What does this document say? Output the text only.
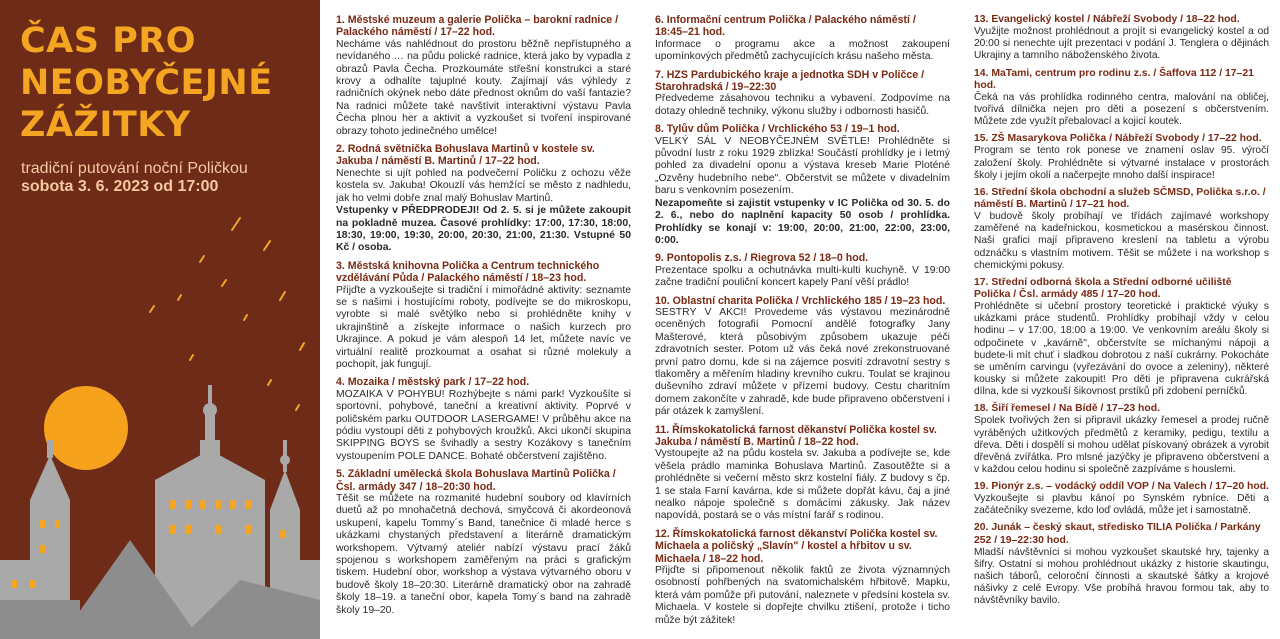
ČAS PRO
NEOBYČEJNÉ
ZÁŽITKY
tradiční putování noční Poličkou
sobota 3. 6. 2023 od 17:00
1. Městské muzeum a galerie Polička – barokní radnice / Palackého náměstí / 17–22 hod.
Necháme vás nahlédnout do prostoru běžně nepřístupného a nevídaného … na půdu polické radnice, která jako by vypadla z obrazů Pavla Čecha. Prozkoumáte střešní konstrukci a staré krovy a odhalíte tajuplné kouty. Zajímají vás výhledy z radničních okýnek nebo dáte přednost oknům do vaší fantazie? Na radnici můžete také navštívit interaktivní výstavu Pavla Čecha plnou her a aktivit a vyzkoušet si tvoření inspirované obrazy tohoto jedinečného umělce!
2. Rodná světnička Bohuslava Martinů v kostele sv. Jakuba / náměstí B. Martinů / 17–22 hod.
Nenechte si ujít pohled na podvečerní Poličku z ochozu věže kostela sv. Jakuba! Okouzlí vás hemžící se město z nadhledu, jak ho velmi dobře znal malý Bohuslav Martinů.
Vstupenky v PŘEDPRODEJI! Od 2. 5. si je můžete zakoupit na pokladně muzea. Časové prohlídky: 17:00, 17:30, 18:00, 18:30, 19:00, 19:30, 20:00, 20:30, 21:00, 21:30. Vstupné 50 Kč / osoba.
3. Městská knihovna Polička a Centrum technického vzdělávání Půda / Palackého náměstí / 18–23 hod.
Přijďte a vyzkoušejte si tradiční i mimořádné aktivity: seznamte se s našimi i hostujícími roboty, podívejte se do mikroskopu, vyrobte si malé světýlko nebo si prohlédněte knihy v ukrajinštině a získejte informace o našich kurzech pro Ukrajince. A pokud je vám alespoň 14 let, můžete navíc ve virtuální realitě prozkoumat a osahat si různé molekuly a pochopit, jak fungují.
4. Mozaika / městský park / 17–22 hod.
MOZAIKA V POHYBU! Rozhýbejte s námi park! Vyzkoušíte si sportovní, pohybové, taneční a kreativní aktivity. Poprvé v poličském parku OUTDOOR LASERGAME! V průběhu akce na pódiu vystoupí děti z pohybových kroužků. Akci ukončí skupina SKIPPING BOYS se švihadly a sestry Kozákovy s tanečním vystoupením POLE DANCE. Bohaté občerstvení zajištěno.
5. Základní umělecká škola Bohuslava Martinů Polička / Čsl. armády 347 / 18–20:30 hod.
Těšit se můžete na rozmanité hudební soubory od klavírních duetů až po mnohačetná dechová, smyčcová či akordeonová uskupení, kapelu Tommy´s Band, tanečnice či mladé herce s ukázkami chystaných představení a literárně dramatickým workshopem. Výtvarný ateliér nabízí výstavu prací žáků spojenou s workshopem zaměřeným na práci s grafickým tiskem. Hudební obor, workshop a výstava výtvarného oboru v budově školy 18–20:30. Literárně dramatický obor na zahradě školy 18–19. a taneční obor, kapela Tomy´s band na zahradě školy 19–20.
6. Informační centrum Polička / Palackého náměstí / 18:45–21 hod.
Informace o programu akce a možnost zakoupení upomínkových předmětů zachycujících krásu našeho města.
7. HZS Pardubického kraje a jednotka SDH v Poličce / Starohradská / 19–22:30
Předvedeme zásahovou techniku a vybavení. Zodpovíme na dotazy ohledně techniky, výkonu služby i odbornosti hasičů.
8. Tylův dům Polička / Vrchlického 53 / 19–1 hod.
VELKÝ SÁL V NEOBYČEJNÉM SVĚTLE! Prohlédněte si původní lustr z roku 1929 zblízka! Součástí prohlídky je i letmý pohled za divadelní oponu a výstava kreseb Marie Ploténé „Ozvěny hudebního nebe". Občerstvit se můžete v divadelním baru s venkovním posezením.
Nezapomeňte si zajistit vstupenky v IC Polička od 30. 5. do 2. 6., nebo do naplnění kapacity 50 osob / prohlídka. Prohlídky se konají v: 19:00, 20:00, 21:00, 22:00, 23:00, 0:00.
9. Pontopolis z.s. / Riegrova 52 / 18–0 hod.
Prezentace spolku a ochutnávka multi-kulti kuchyně. V 19:00 začne tradiční pouliční koncert kapely Paní věší prádlo!
10. Oblastní charita Polička / Vrchlického 185 / 19–23 hod.
SESTRY V AKCI! Provedeme vás výstavou mezinárodně oceněných fotografií Pomocní andělé fotografky Jany Mašterové, která působivým způsobem ukazuje péči zdravotních sester. Potom už vás čeká nové zrekonstruované první patro domu, kde si na zájemce posvití zdravotní sestry s tlakoměry a měřením hladiny krevního cukru. Toulat se krajinou duševního zdraví můžete v přízemí budovy. Cestu charitním domem zakončíte v zahradě, kde bude připraveno občerstvení i pár otázek k zamyšlení.
11. Římskokatolická farnost děkanství Polička kostel sv. Jakuba / náměstí B. Martinů / 18–22 hod.
Vystoupejte až na půdu kostela sv. Jakuba a podívejte se, kde věšela prádlo maminka Bohuslava Martinů. Zasoutěžte si a prohlédněte si večerní město skrz kostelní fiály. Z budovy s čp. 1 se stala Farní kavárna, kde si můžete dopřát kávu, čaj a jiné nealko nápoje společně s domácími zákusky. Jak název napovídá, postará se o vás místní farář s rodinou.
12. Římskokatolická farnost děkanství Polička kostel sv. Michaela a poličský „Slavín" / kostel a hřbitov u sv. Michaela / 18–22 hod.
Přijďte si připomenout několik faktů ze života významných osobností pohřbených na svatomichalském hřbitově. Mapku, která vám pomůže při putování, naleznete v předsíni kostela sv. Michaela. V kostele si dopřejte chvilku ztišení, protože i ticho může být zážitek!
13. Evangelický kostel / Nábřeží Svobody / 18–22 hod.
Využijte možnost prohlédnout a projít si evangelický kostel a od 20:00 si nenechte ujít prezentaci v podání J. Tenglera o dějinách Ukrajiny a tamního náboženského života.
14. MaTami, centrum pro rodinu z.s. / Šaffova 112 / 17–21 hod.
Čeká na vás prohlídka rodinného centra, malování na obličej, tvořivá dílnička nejen pro děti a posezení s občerstvením. Můžete zde využít přebalovací a kojicí koutek.
15. ZŠ Masarykova Polička / Nábřeží Svobody / 17–22 hod.
Program se tento rok ponese ve znamení oslav 95. výročí založení školy. Prohlédněte si výtvarné instalace v prostorách školy i jejím okolí a načerpejte mnoho další inspirace!
16. Střední škola obchodní a služeb SČMSD, Polička s.r.o. / náměstí B. Martinů / 17–21 hod.
V budově školy probíhají ve třídách zajímavé workshopy zaměřené na kadeřnickou, kosmetickou a masérskou činnost. Naši grafici mají připraveno kreslení na tabletu a výrobu odznáčku s vlastním motivem. Těšit se můžete i na workshop s chemickými pokusy.
17. Střední odborná škola a Střední odborné učiliště Polička / Čsl. armády 485 / 17–20 hod.
Prohlédněte si učební prostory teoretické i praktické výuky s ukázkami práce studentů. Prohlídky probíhají vždy v celou hodinu – v 17:00, 18:00 a 19:00. Ve venkovním areálu školy si odpočinete v „kavárně", občerstvíte se míchanými nápoji a budete-li mít chuť i sladkou dobrotou z naší cukrárny. Pokocháte se uměním carvingu (vyřezávání do ovoce a zeleniny), některé kousky si můžete zakoupit! Pro děti je připravena cukrářská dílna, kde si vyzkouší šikovnost prstíků při zdobení perníčků.
18. Šiří řemesel / Na Bídě / 17–23 hod.
Spolek tvořivých žen si připravil ukázky řemesel a prodej ručně vyráběných užitkových předmětů z keramiky, pedigu, textilu a dřeva. Děti i dospělí si mohou udělat pískovaný obrázek a vyrobit dřevěná zvířátka. Pro mlsné jazýčky je připraveno občerstvení a v každou celou hodinu si společně zazpíváme s houslemi.
19. Pionýr z.s. – vodácký oddíl VOP / Na Valech / 17–20 hod.
Vyzkoušejte si plavbu kánoí po Synském rybníce. Děti a začátečníky svezeme, kdo loď ovládá, může jet i samostatně.
20. Junák – český skaut, středisko TILIA Polička / Parkány 252 / 19–22:30 hod.
Mladší návštěvníci si mohou vyzkoušet skautské hry, tajenky a šifry. Ostatní si mohou prohlédnout ukázky z historie skautingu, našich táborů, celoroční činnosti a skautské šátky a krojové nášivky z celé Evropy. Vše probíhá hravou formou tak, aby to návštěvníky bavilo.
